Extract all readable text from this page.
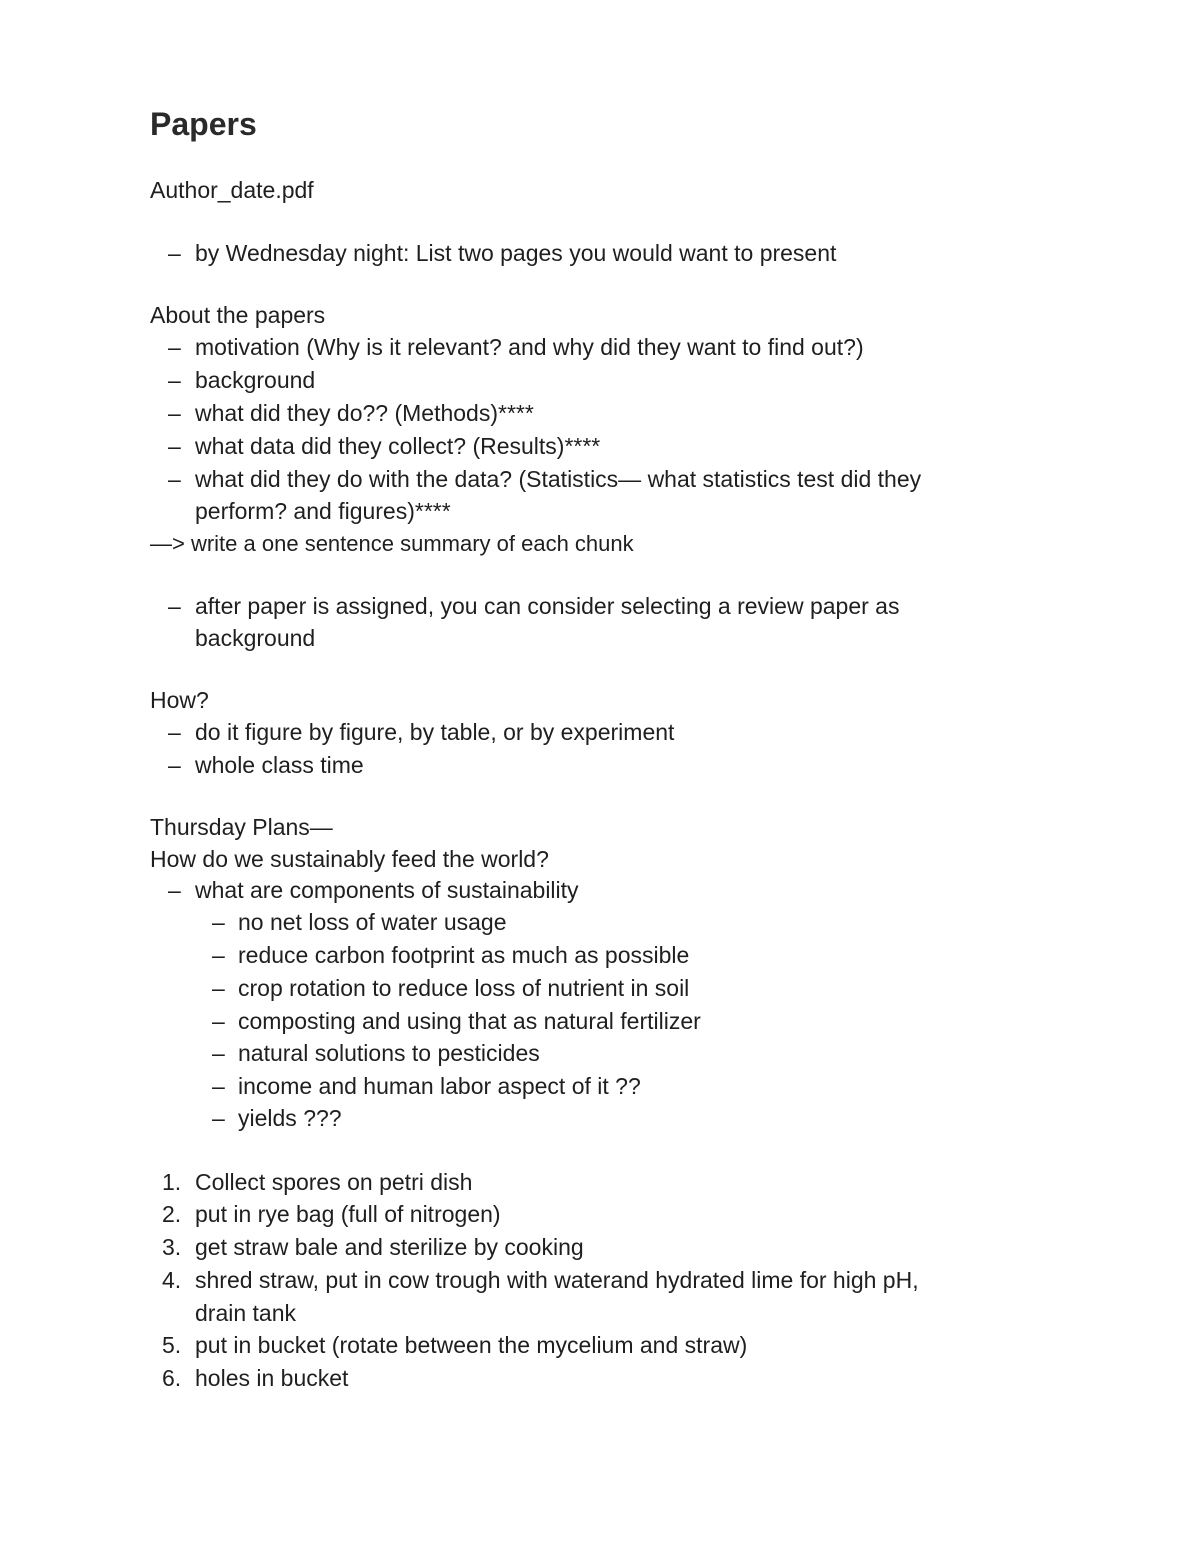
Papers
Author_date.pdf
– by Wednesday night: List two pages you would want to present
About the papers
– motivation (Why is it relevant? and why did they want to find out?)
– background
– what did they do?? (Methods)****
– what data did they collect? (Results)****
– what did they do with the data? (Statistics— what statistics test did they
perform? and figures)****
—> write a one sentence summary of each chunk
– after paper is assigned, you can consider selecting a review paper as
background
How?
– do it figure by figure, by table, or by experiment
– whole class time
Thursday Plans—
How do we sustainably feed the world?
– what are components of sustainability
– no net loss of water usage
– reduce carbon footprint as much as possible
– crop rotation to reduce loss of nutrient in soil
– composting and using that as natural fertilizer
– natural solutions to pesticides
– income and human labor aspect of it ??
– yields ???
1. Collect spores on petri dish
2. put in rye bag (full of nitrogen)
3. get straw bale and sterilize by cooking
4. shred straw, put in cow trough with waterand hydrated lime for high pH,
drain tank
5. put in bucket (rotate between the mycelium and straw)
6. holes in bucket
